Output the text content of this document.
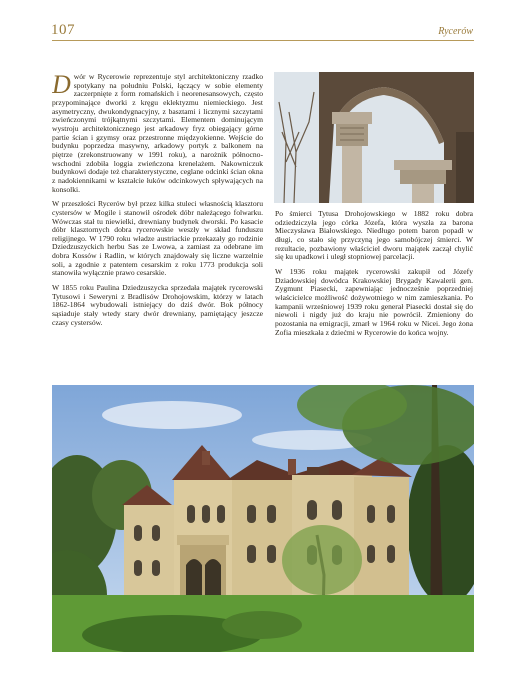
107	Rycerów

Dwór w Rycerowie reprezentuje styl architektoniczny rzadko spotykany na południu Polski, łączący w sobie elementy zaczerpnięte z form romańskich i neorenesansowych, często przypominające dworki z kręgu eklektyzmu niemieckiego. Jest asymetryczny, dwukondygnacyjny, z basztami i licznymi szczytami zwieńczonymi trójkątnymi szczytami. Elementem dominującym wystroju architektonicznego jest arkadowy fryz obiegający górne partie ścian i gzymsy oraz przestronne międzyokienne. Wejście do budynku poprzedza masywny, arkadowy portyk z balkonem na piętrze (zrekonstruowany w 1991 roku), a narożnik północno-wschodni zdobiła loggia zwieńczona krenelażem. Nakowniczuk budynkowi dodaje też charakterystyczne, ceglane odcinki ścian okna z nadokiennikami w kształcie łuków odcinkowych spływających na konsolki.

W przeszłości Rycerów był przez kilka stuleci własnością klasztoru cystersów w Mogile i stanowił ośrodek dóbr należącego folwarku. Wówczas stał tu niewielki, drewniany budynek dworski. Po kasacie dóbr klasztornych dobra rycerowskie weszły w skład funduszu religijnego. W 1790 roku władze austriackie przekazały go rodzinie Dziedzuszyckich herbu Sas ze Lwowa, a zamiast za odebrane im dobra Kossów i Radlin, w których znajdowały się liczne warzelnie soli, a zgodnie z patentem cesarskim z roku 1773 produkcja soli stanowiła wyłącznie prawo cesarskie.

W 1855 roku Paulina Dziedzuszycka sprzedała majątek rycerowski Tytusowi i Seweryni z Bradlisów Drohojowskim, którzy w latach 1862-1864 wybudowali istniejący do dziś dwór. Bok północy sąsiaduje stały wtedy stary dwór drewniany, pamiętający jeszcze czasy cystersów.

Po śmierci Tytusa Drohojowskiego w 1882 roku dobra odziedziczyła jego córka Józefa, która wyszła za barona Mieczysława Białowskiego. Niedługo potem baron popadł w długi, co stało się przyczyną jego samobójczej śmierci. W rezultacie, pozbawiony właściciel dworu majątek zaczął chylić się ku upadkowi i uległ stopniowej parcelacji.

W 1936 roku majątek rycerowski zakupił od Józefy Dziadowskiej dowódca Krakowskiej Brygady Kawalerii gen. Zygmunt Piasecki, zapewniając jednocześnie poprzedniej właścicielce możliwość dożywotniego w nim zamieszkania. Po kampanii wrześniowej 1939 roku generał Piasecki dostał się do niewoli i nigdy już do kraju nie powrócił. Zmieniony do pozostania na emigracji, zmarł w 1964 roku w Nicei. Jego żona Zofia mieszkała z dziećmi w Rycerowie do końca wojny.
